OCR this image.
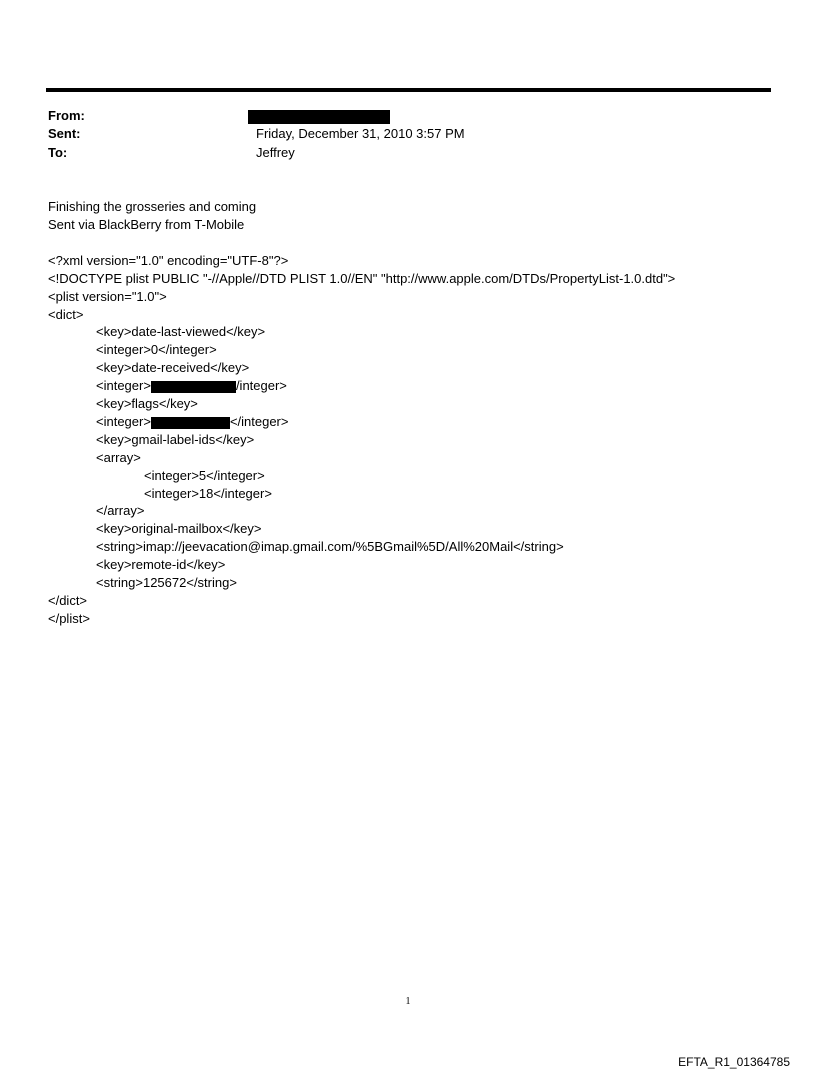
From:
Sent:	Friday, December 31, 2010 3:57 PM
To:	Jeffrey
Finishing the grosseries and coming
Sent via BlackBerry from T-Mobile
<?xml version="1.0" encoding="UTF-8"?>
<!DOCTYPE plist PUBLIC "-//Apple//DTD PLIST 1.0//EN" "http://www.apple.com/DTDs/PropertyList-1.0.dtd">
<plist version="1.0">
<dict>
<key>date-last-viewed</key>
<integer>0</integer>
<key>date-received</key>
<integer>	/integer>
<key>flags</key>
<integer>	</integer>
<key>gmail-label-ids</key>
<array>
<integer>5</integer>
<integer>18</integer>
</array>
<key>original-mailbox</key>
<string>imap://jeevacation@imap.gmail.com/%5BGmail%5D/All%20Mail</string>
<key>remote-id</key>
<string>125672</string>
</dict>
</plist>
1
EFTA_R1_01364785
